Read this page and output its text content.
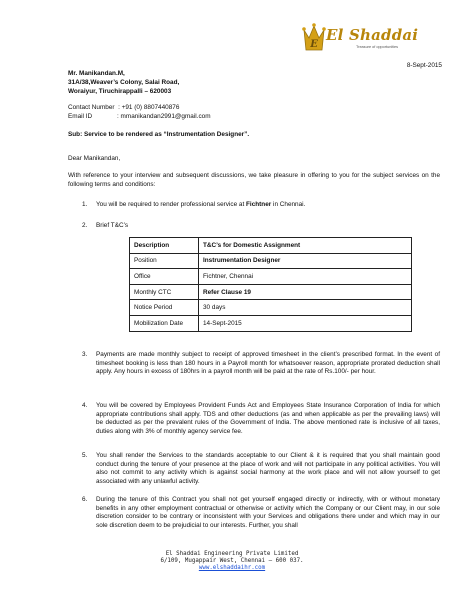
E
El Shaddai
Treasure of opportunities
8-Sept-2015
Mr. Manikandan.M,
31A/38,Weaver’s Colony, Salai Road,
Woraiyur, Tiruchirappalli – 620003
Contact Number  : +91 (0) 8807440876
Email ID              : mmanikandan2991@gmail.com
Sub: Service to be rendered as “Instrumentation Designer”.
Dear Manikandan,
With reference to your interview and subsequent discussions, we take pleasure in offering to you for the subject services on the following terms and conditions:
1. You will be required to render professional service at Fichtner in Chennai.
2. Brief T&C’s
Description	T&C’s for Domestic Assignment
Position	Instrumentation Designer
Office	Fichtner, Chennai
Monthly CTC	Refer Clause 19
Notice Period	30 days
Mobilization Date	14-Sept-2015
3. Payments are made monthly subject to receipt of approved timesheet in the client’s prescribed format. In the event of timesheet booking is less than 180 hours in a Payroll month for whatsoever reason, appropriate prorated deduction shall apply. Any hours in excess of 180hrs in a payroll month will be paid at the rate of Rs.100/- per hour.
4. You will be covered by Employees Provident Funds Act and Employees State Insurance Corporation of India for which appropriate contributions shall apply. TDS and other deductions (as and when applicable as per the prevailing laws) will be deducted as per the prevalent rules of the Government of India. The above mentioned rate is inclusive of all taxes, duties along with 3% of monthly agency service fee.
5. You shall render the Services to the standards acceptable to our Client & it is required that you shall maintain good conduct during the tenure of your presence at the place of work and will not participate in any political activities. You will also not commit to any activity which is against social harmony at the work place and will not allow yourself to get associated with any unlawful activity.
6. During the tenure of this Contract you shall not get yourself engaged directly or indirectly, with or without monetary benefits in any other employment contractual or otherwise or activity which the Company or our Client may, in our sole discretion consider to be contrary or inconsistent with your Services and obligations there under and which may in our sole discretion deem to be prejudicial to our interests. Further, you shall
El Shaddai Engineering Private Limited
6/109, Mugappair West, Chennai – 600 037.
www.elshaddaihr.com
